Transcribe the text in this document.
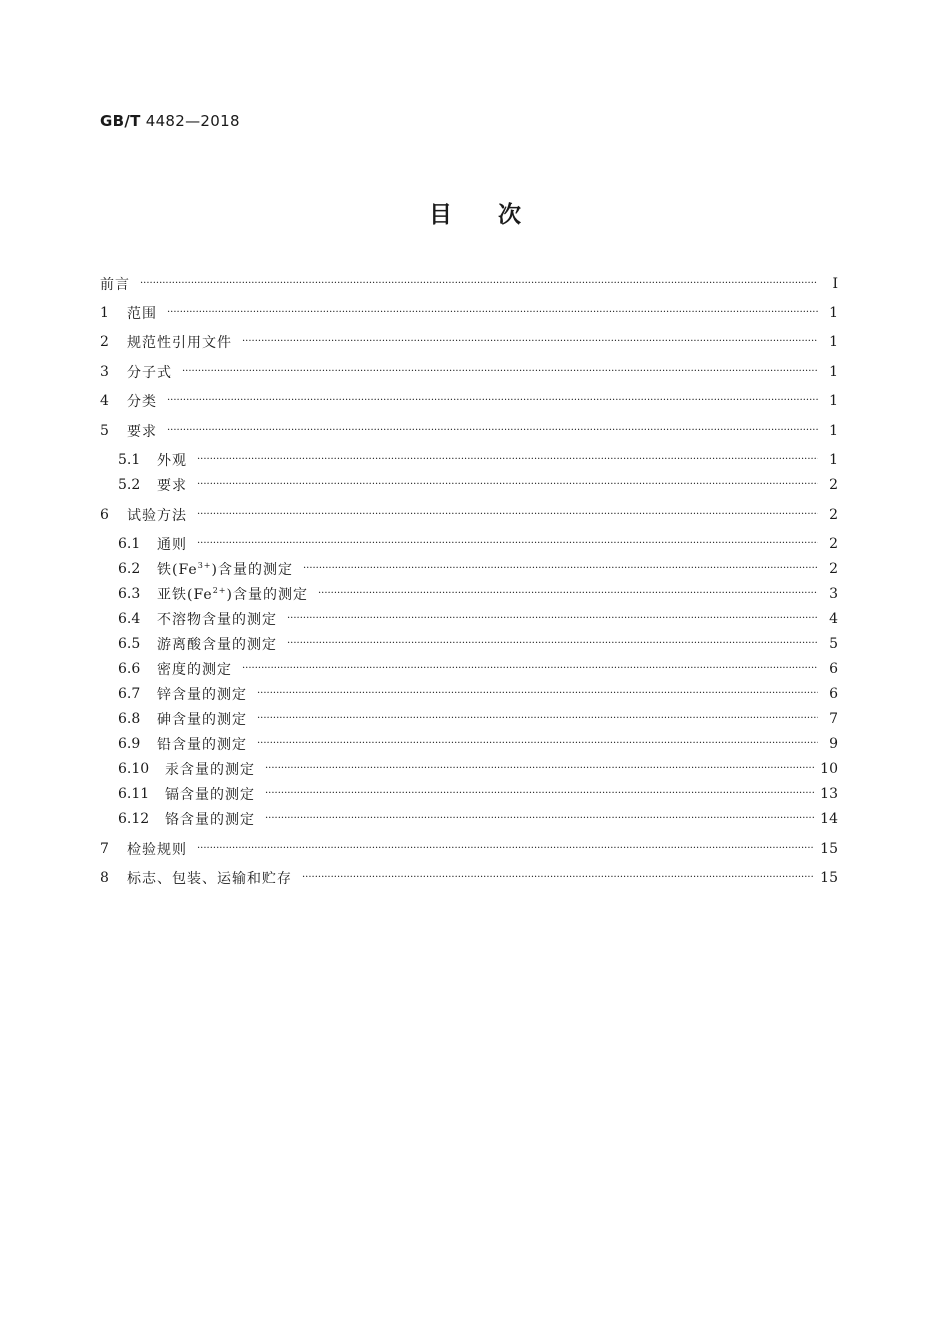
GB/T 4482—2018
目次
前言 ·····	Ⅰ
1	范围 ·····	1
2	规范性引用文件 ·····	1
3	分子式 ·····	1
4	分类 ·····	1
5	要求 ·····	1
5.1	外观 ·····	1
5.2	要求 ·····	2
6	试验方法 ·····	2
6.1	通则 ·····	2
6.2	铁$(Fe^{3+})$含量的测定 ·····	2
6.3	亚铁$(Fe^{2+})$含量的测定 ·····	3
6.4	不溶物含量的测定 ·····	4
6.5	游离酸含量的测定 ·····	5
6.6	密度的测定 ·····	6
6.7	锌含量的测定 ·····	6
6.8	砷含量的测定 ·····	7
6.9	铅含量的测定 ·····	9
6.10	汞含量的测定 ·····	10
6.11	镉含量的测定 ·····	13
6.12	铬含量的测定 ·····	14
7	检验规则 ·····	15
8	标志、包装、运输和贮存 ·····	15
